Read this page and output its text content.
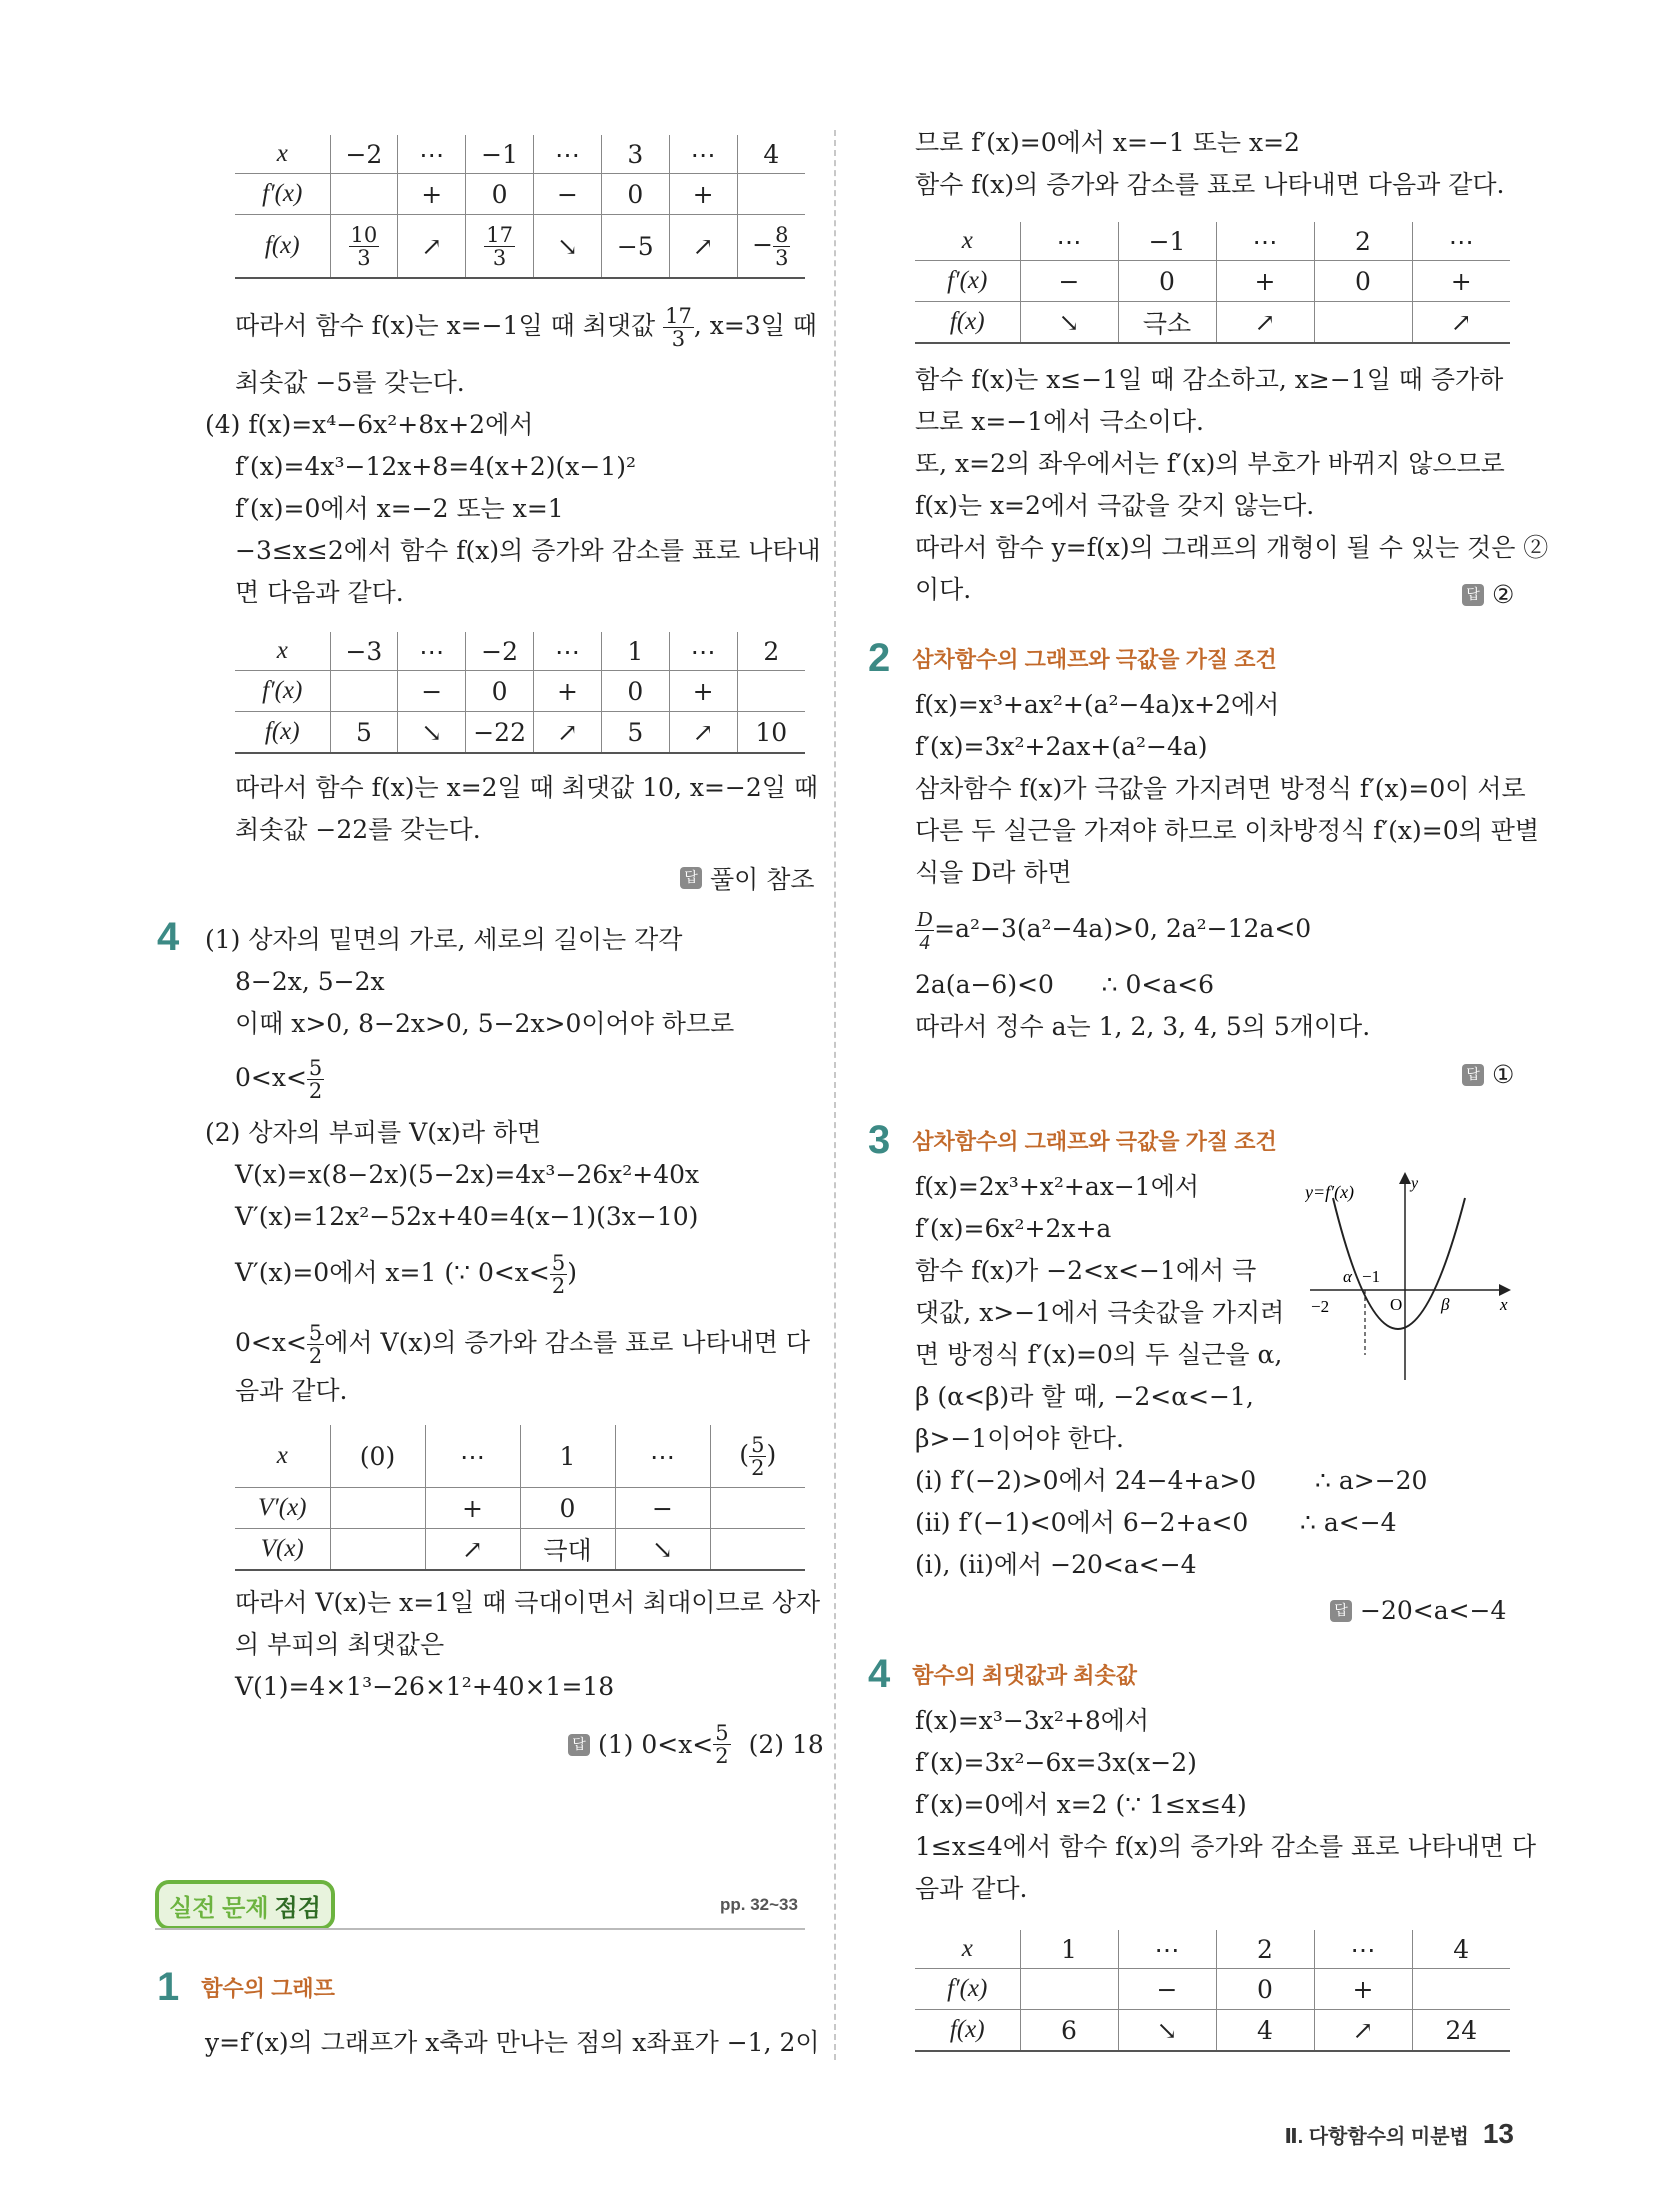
x	−2	⋯	−1	⋯	3	⋯	4
f′(x)		+	0	−	0	+	
f(x)	$\frac{10}{3}$	↗	$\frac{17}{3}$	↘	−5	↗	− $\frac{8}{3}$
따라서 함수 f(x)는 x=−1일 때 최댓값 $\frac{17}{3}$ , x=3일 때
최솟값 −5를 갖는다.
(4) f(x)=x⁴−6x²+8x+2에서
f′(x)=4x³−12x+8=4(x+2)(x−1)²
f′(x)=0에서 x=−2 또는 x=1
−3≤x≤2에서 함수 f(x)의 증가와 감소를 표로 나타내
면 다음과 같다.
x	−3	⋯	−2	⋯	1	⋯	2
f′(x)		−	0	+	0	+	
f(x)	5	↘	−22	↗	5	↗	10
따라서 함수 f(x)는 x=2일 때 최댓값 10, x=−2일 때
최솟값 −22를 갖는다.
답 풀이 참조
4 (1) 상자의 밑면의 가로, 세로의 길이는 각각
8−2x, 5−2x
이때 x>0, 8−2x>0, 5−2x>0이어야 하므로
$0<x< \frac{5}{2}$
(2) 상자의 부피를 V(x)라 하면
V(x)=x(8−2x)(5−2x)=4x³−26x²+40x
V′(x)=12x²−52x+40=4(x−1)(3x−10)
V′(x)=0에서 x=1 (∵ $0<x< \frac{5}{2}$ )
$0<x< \frac{5}{2}$ 에서 V(x)의 증가와 감소를 표로 나타내면 다
음과 같다.
x	(0)	⋯	1	⋯	( $\frac{5}{2}$ )
V′(x)		+	0	−	
V(x)		↗	극대	↘	
따라서 V(x)는 x=1일 때 극대이면서 최대이므로 상자
의 부피의 최댓값은
V(1)=4×1³−26×1²+40×1=18
답 (1) $0<x< \frac{5}{2} (2)$ 18
실전 문제 점검	pp. 32~33
1 함수의 그래프
y=f′(x)의 그래프가 x축과 만나는 점의 x좌표가 −1, 2이
므로 f′(x)=0에서 x=−1 또는 x=2
함수 f(x)의 증가와 감소를 표로 나타내면 다음과 같다.
x	⋯	−1	⋯	2	⋯
f′(x)	−	0	+	0	+
f(x)	↘	극소	↗		↗
함수 f(x)는 x≤−1일 때 감소하고, x≥−1일 때 증가하
므로 x=−1에서 극소이다.
또, x=2의 좌우에서는 f′(x)의 부호가 바뀌지 않으므로
f(x)는 x=2에서 극값을 갖지 않는다.
따라서 함수 y=f(x)의 그래프의 개형이 될 수 있는 것은 ②
이다.	답 ②
2 삼차함수의 그래프와 극값을 가질 조건
f(x)=x³+ax²+(a²−4a)x+2에서
f′(x)=3x²+2ax+(a²−4a)
삼차함수 f(x)가 극값을 가지려면 방정식 f′(x)=0이 서로
다른 두 실근을 가져야 하므로 이차방정식 f′(x)=0의 판별
식을 D라 하면
$\frac{D}{4} =a^2-3(a^2-4a)>0$, 2a²−12a<0
2a(a−6)<0      ∴ 0<a<6
따라서 정수 a는 1, 2, 3, 4, 5의 5개이다.
답 ①
3 삼차함수의 그래프와 극값을 가질 조건
f(x)=2x³+x²+ax−1에서
f′(x)=6x²+2x+a
함수 f(x)가 −2<x<−1에서 극
댓값, x>−1에서 극솟값을 가지려
면 방정식 f′(x)=0의 두 실근을 α,
β (α<β)라 할 때, −2<α<−1,
β>−1이어야 한다.
(ⅰ) f′(−2)>0에서 24−4+a>0 ∴ a>−20
(ⅱ) f′(−1)<0에서 6−2+a<0 ∴ a<−4
(ⅰ), (ⅱ)에서 −20<a<−4
답 −20<a<−4
y=f′(x)	y
x
O
−2
−1
α
β
4 함수의 최댓값과 최솟값
f(x)=x³−3x²+8에서
f′(x)=3x²−6x=3x(x−2)
f′(x)=0에서 x=2 (∵ 1≤x≤4)
1≤x≤4에서 함수 f(x)의 증가와 감소를 표로 나타내면 다
음과 같다.
x	1	⋯	2	⋯	4
f′(x)		−	0	+	
f(x)	6	↘	4	↗	24
Ⅱ. 다항함수의 미분법 13
